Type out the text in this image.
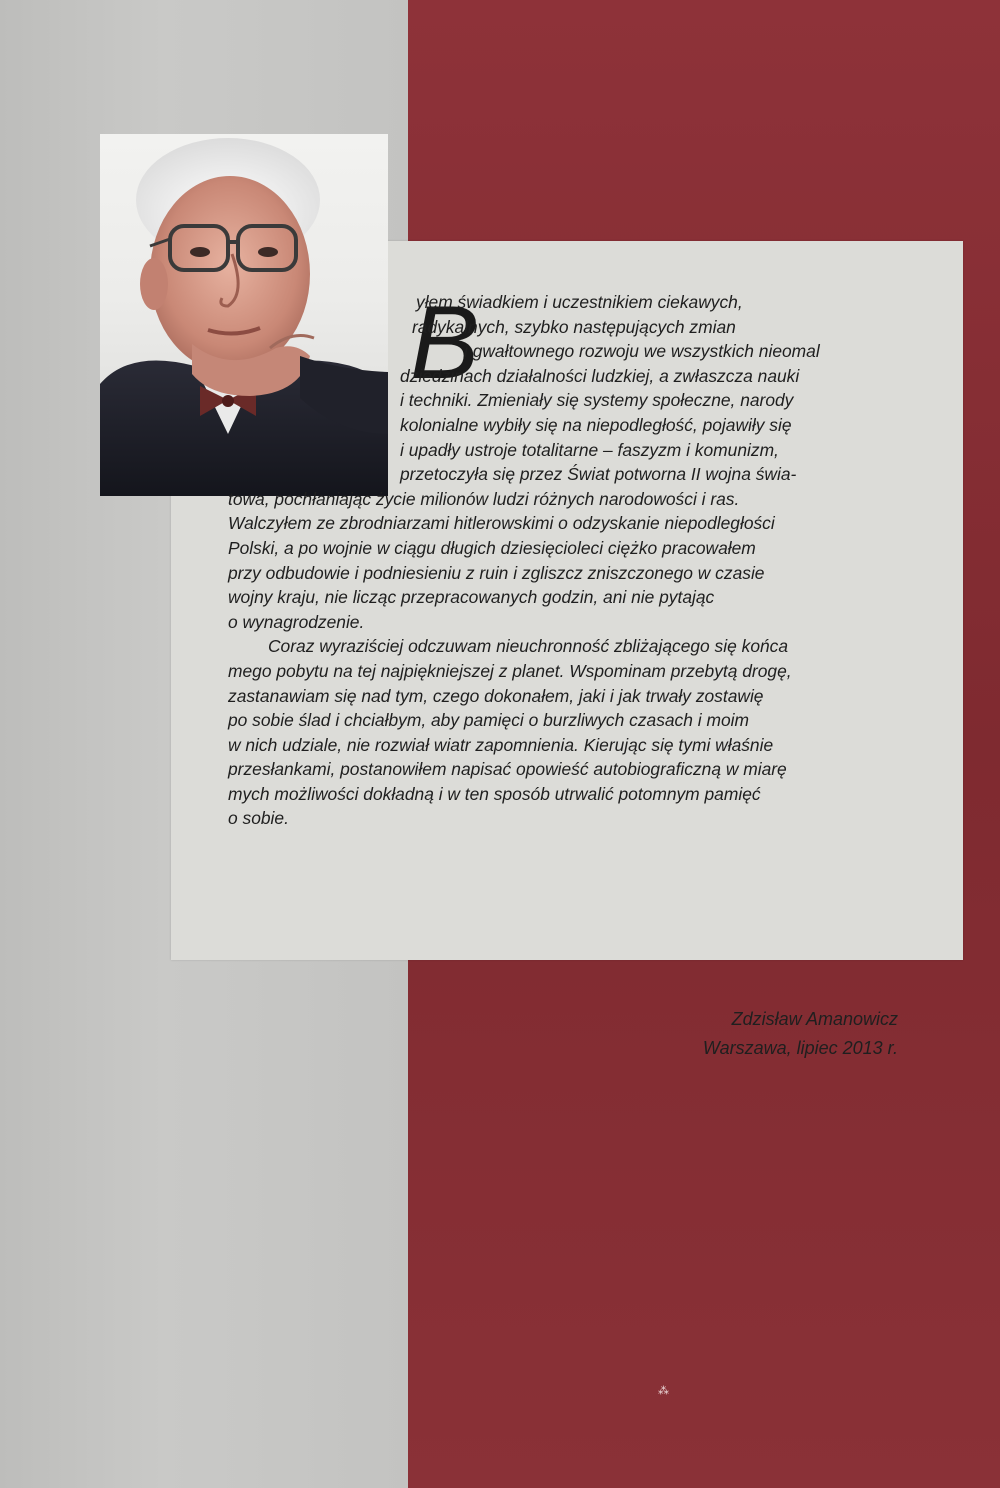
B
yłem świadkiem i uczestnikiem ciekawych,
radykalnych, szybko następujących zmian
i gwałtownego rozwoju we wszystkich nieomal
dziedzinach działalności ludzkiej, a zwłaszcza nauki
i techniki. Zmieniały się systemy społeczne, narody
kolonialne wybiły się na niepodległość, pojawiły się
i upadły ustroje totalitarne – faszyzm i komunizm,
przetoczyła się przez Świat potworna II wojna świa-
towa, pochłaniając życie milionów ludzi różnych narodowości i ras.
Walczyłem ze zbrodniarzami hitlerowskimi o odzyskanie niepodległości
Polski, a po wojnie w ciągu długich dziesięcioleci ciężko pracowałem
przy odbudowie i podniesieniu z ruin i zgliszcz zniszczonego w czasie
wojny kraju, nie licząc przepracowanych godzin, ani nie pytając
o wynagrodzenie.
Coraz wyraziściej odczuwam nieuchronność zbliżającego się końca
mego pobytu na tej najpiękniejszej z planet. Wspominam przebytą drogę,
zastanawiam się nad tym, czego dokonałem, jaki i jak trwały zostawię
po sobie ślad i chciałbym, aby pamięci o burzliwych czasach i moim
w nich udziale, nie rozwiał wiatr zapomnienia. Kierując się tymi właśnie
przesłankami, postanowiłem napisać opowieść autobiograficzną w miarę
mych możliwości dokładną i w ten sposób utrwalić potomnym pamięć
o sobie.
Zdzisław Amanowicz
Warszawa, lipiec 2013 r.
⁂
